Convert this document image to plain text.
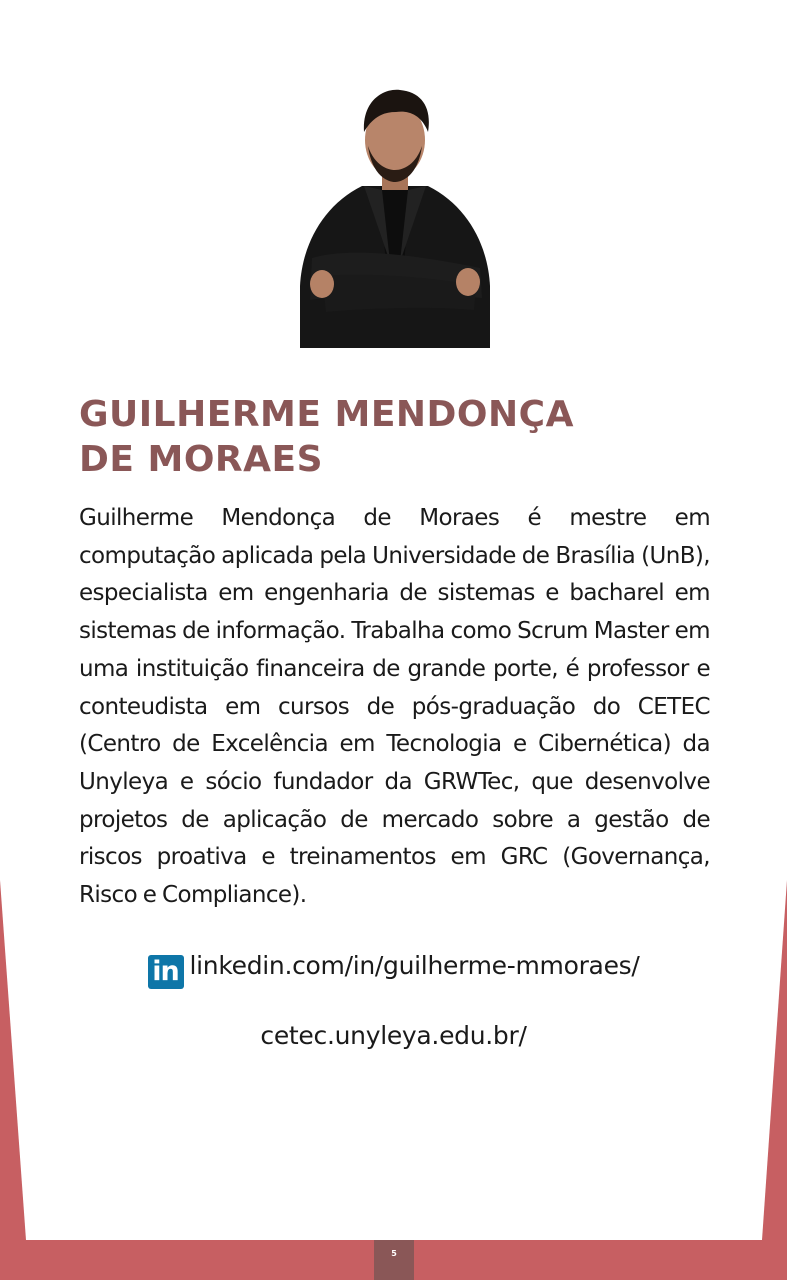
GUILHERME MENDONÇA
DE MORAES

Guilherme Mendonça de Moraes é mestre em computação aplicada pela Universidade de Brasília (UnB), especialista em engenharia de sistemas e bacharel em sistemas de informação. Trabalha como Scrum Master em uma instituição financeira de grande porte, é professor e conteudista em cursos de pós-graduação do CETEC (Centro de Excelência em Tecnologia e Cibernética) da Unyleya e sócio fundador da GRWTec, que desenvolve projetos de aplicação de mercado sobre a gestão de riscos proativa e treinamentos em GRC (Governança, Risco e Compliance).

in linkedin.com/in/guilherme-mmoraes/
cetec.unyleya.edu.br/
5
